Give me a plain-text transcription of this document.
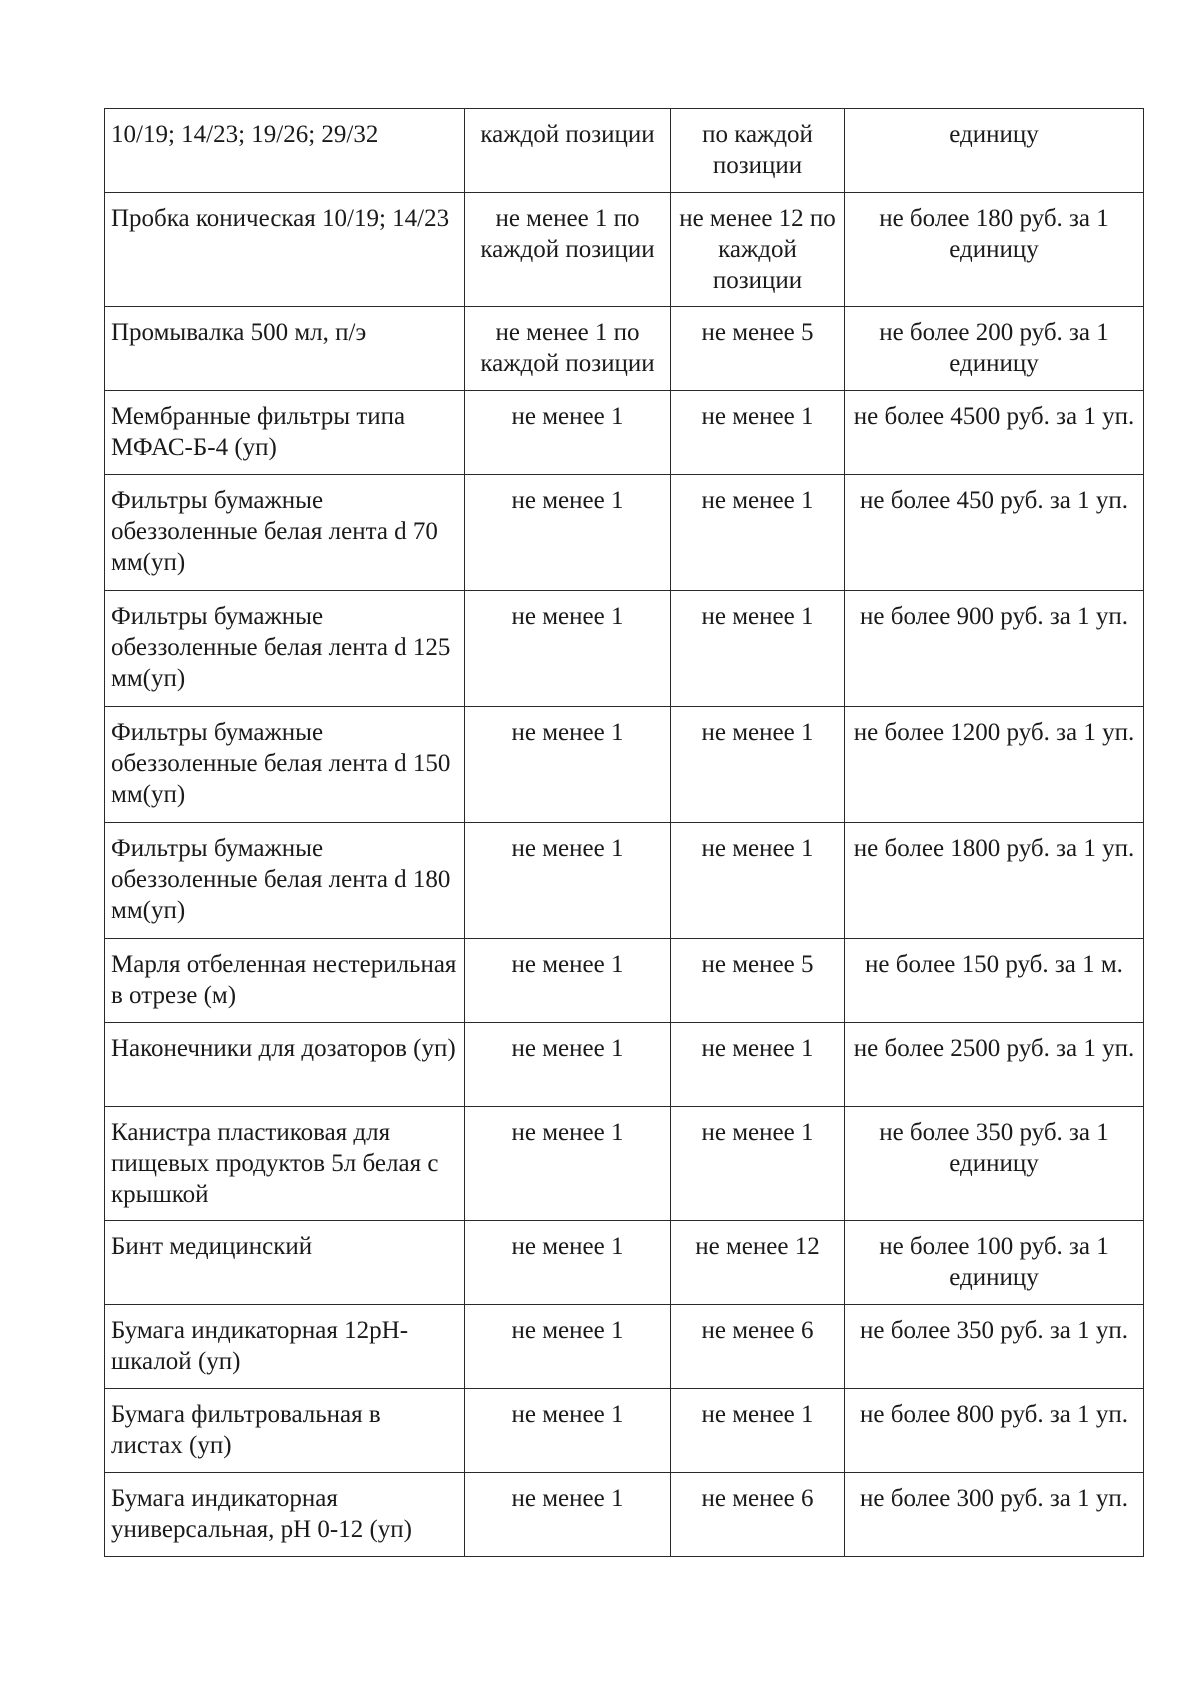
10/19; 14/23; 19/26; 29/32	каждой позиции	по каждой позиции	единицу
Пробка коническая 10/19; 14/23	не менее 1 по каждой позиции	не менее 12 по каждой позиции	не более 180 руб. за 1 единицу
Промывалка 500 мл, п/э	не менее 1 по каждой позиции	не менее 5	не более 200 руб. за 1 единицу
Мембранные фильтры типа МФАС-Б-4 (уп)	не менее 1	не менее 1	не более 4500 руб. за 1 уп.
Фильтры бумажные обеззоленные белая лента d 70 мм(уп)	не менее 1	не менее 1	не более 450 руб. за 1 уп.
Фильтры бумажные обеззоленные белая лента d 125 мм(уп)	не менее 1	не менее 1	не более 900 руб. за 1 уп.
Фильтры бумажные обеззоленные белая лента d 150 мм(уп)	не менее 1	не менее 1	не более 1200 руб. за 1 уп.
Фильтры бумажные обеззоленные белая лента d 180 мм(уп)	не менее 1	не менее 1	не более 1800 руб. за 1 уп.
Марля отбеленная нестерильная в отрезе (м)	не менее 1	не менее 5	не более 150 руб. за 1 м.
Наконечники для дозаторов (уп)	не менее 1	не менее 1	не более 2500 руб. за 1 уп.
Канистра пластиковая для пищевых продуктов 5л белая с крышкой	не менее 1	не менее 1	не более 350 руб. за 1 единицу
Бинт медицинский	не менее 1	не менее 12	не более 100 руб. за 1 единицу
Бумага индикаторная 12рН-шкалой (уп)	не менее 1	не менее 6	не более 350 руб. за 1 уп.
Бумага фильтровальная в листах (уп)	не менее 1	не менее 1	не более 800 руб. за 1 уп.
Бумага индикаторная универсальная, рН 0-12 (уп)	не менее 1	не менее 6	не более 300 руб. за 1 уп.
